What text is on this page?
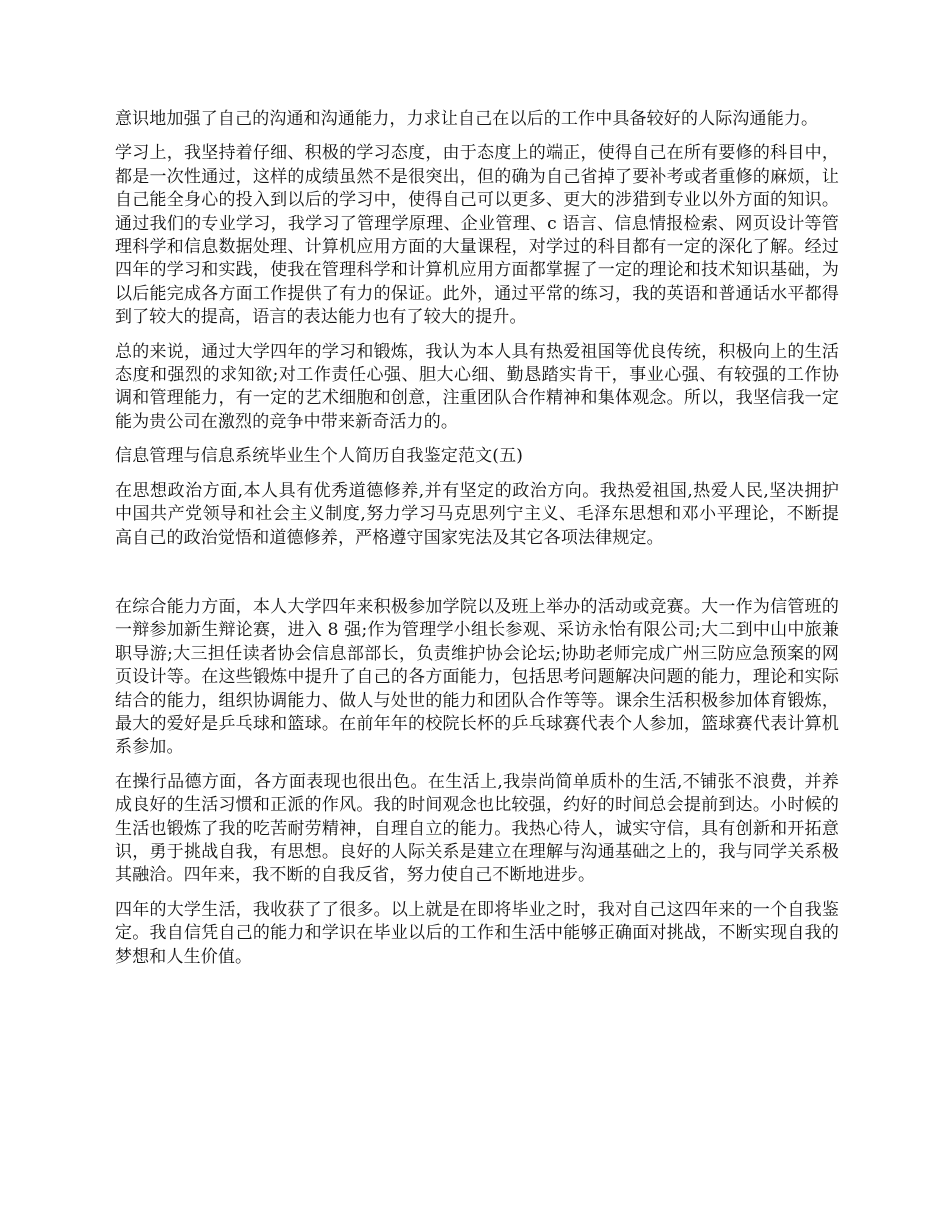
意识地加强了自己的沟通和沟通能力，力求让自己在以后的工作中具备较好的人际沟通能力。

学习上，我坚持着仔细、积极的学习态度，由于态度上的端正，使得自己在所有要修的科目中，都是一次性通过，这样的成绩虽然不是很突出，但的确为自己省掉了要补考或者重修的麻烦，让自己能全身心的投入到以后的学习中，使得自己可以更多、更大的涉猎到专业以外方面的知识。通过我们的专业学习，我学习了管理学原理、企业管理、c 语言、信息情报检索、网页设计等管理科学和信息数据处理、计算机应用方面的大量课程，对学过的科目都有一定的深化了解。经过四年的学习和实践，使我在管理科学和计算机应用方面都掌握了一定的理论和技术知识基础，为以后能完成各方面工作提供了有力的保证。此外，通过平常的练习，我的英语和普通话水平都得到了较大的提高，语言的表达能力也有了较大的提升。

总的来说，通过大学四年的学习和锻炼，我认为本人具有热爱祖国等优良传统，积极向上的生活态度和强烈的求知欲;对工作责任心强、胆大心细、勤恳踏实肯干，事业心强、有较强的工作协调和管理能力，有一定的艺术细胞和创意，注重团队合作精神和集体观念。所以，我坚信我一定能为贵公司在激烈的竞争中带来新奇活力的。

信息管理与信息系统毕业生个人简历自我鉴定范文(五)

在思想政治方面,本人具有优秀道德修养,并有坚定的政治方向。我热爱祖国,热爱人民,坚决拥护中国共产党领导和社会主义制度,努力学习马克思列宁主义、毛泽东思想和邓小平理论，不断提高自己的政治觉悟和道德修养，严格遵守国家宪法及其它各项法律规定。

在综合能力方面，本人大学四年来积极参加学院以及班上举办的活动或竞赛。大一作为信管班的一辩参加新生辩论赛，进入 8 强;作为管理学小组长参观、采访永怡有限公司;大二到中山中旅兼职导游;大三担任读者协会信息部部长，负责维护协会论坛;协助老师完成广州三防应急预案的网页设计等。在这些锻炼中提升了自己的各方面能力，包括思考问题解决问题的能力，理论和实际结合的能力，组织协调能力、做人与处世的能力和团队合作等等。课余生活积极参加体育锻炼，最大的爱好是乒乓球和篮球。在前年年的校院长杯的乒乓球赛代表个人参加，篮球赛代表计算机系参加。

在操行品德方面，各方面表现也很出色。在生活上,我崇尚简单质朴的生活,不铺张不浪费，并养成良好的生活习惯和正派的作风。我的时间观念也比较强，约好的时间总会提前到达。小时候的生活也锻炼了我的吃苦耐劳精神，自理自立的能力。我热心待人，诚实守信，具有创新和开拓意识，勇于挑战自我，有思想。良好的人际关系是建立在理解与沟通基础之上的，我与同学关系极其融洽。四年来，我不断的自我反省，努力使自己不断地进步。

四年的大学生活，我收获了了很多。以上就是在即将毕业之时，我对自己这四年来的一个自我鉴定。我自信凭自己的能力和学识在毕业以后的工作和生活中能够正确面对挑战，不断实现自我的梦想和人生价值。
